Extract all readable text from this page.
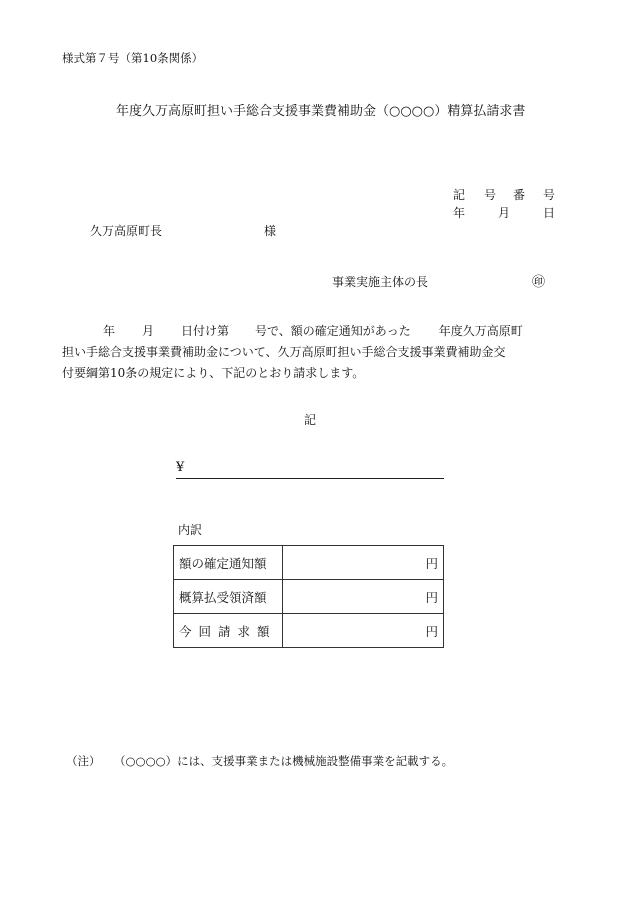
様式第７号（第10条関係）
年度久万高原町担い手総合支援事業費補助金（○○○○）精算払請求書
記 号 番 号
年	月	日
久万高原町長	様
事業実施主体の長	㊞
年 月 日付け第 号で、額の確定通知があった 年度久万高原町
担い手総合支援事業費補助金について、久万高原町担い手総合支援事業費補助金交
付要綱第10条の規定により、下記のとおり請求します。
記
¥
内訳
額の確定通知額	円
概算払受領済額	円
今回請求額	円
（注） （○○○○）には、支援事業または機械施設整備事業を記載する。
